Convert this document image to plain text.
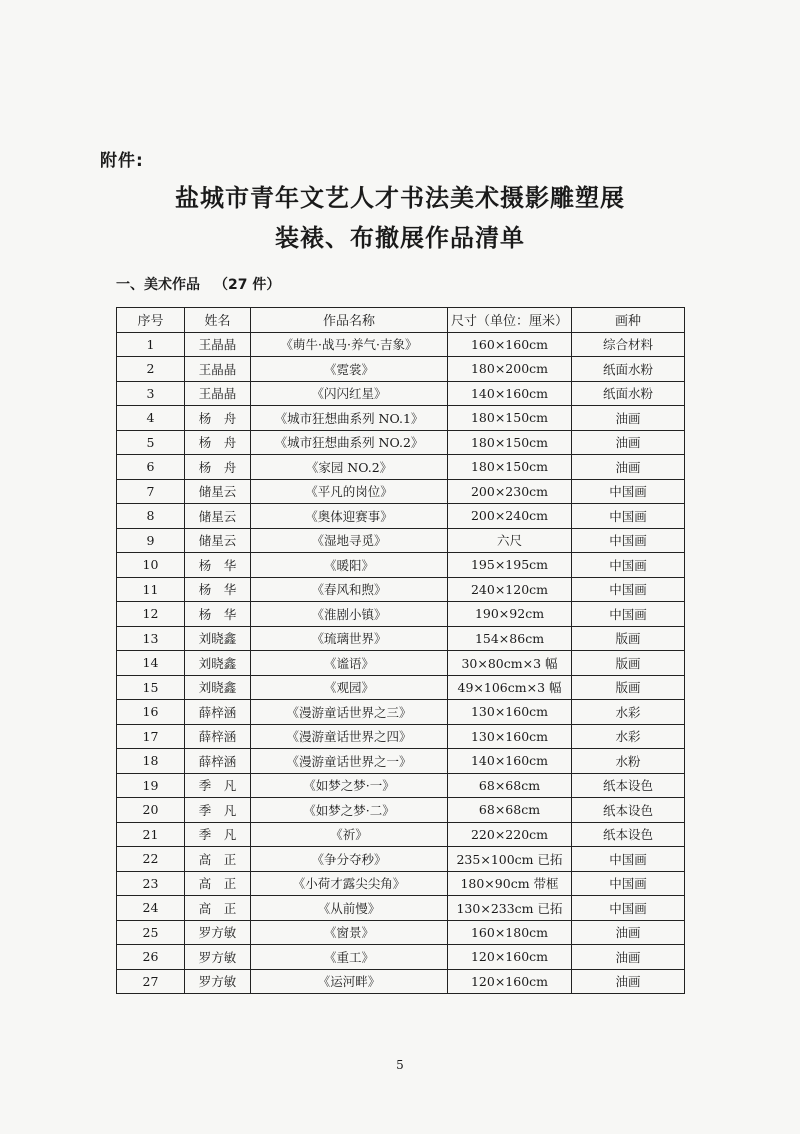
附件:
盐城市青年文艺人才书法美术摄影雕塑展
装裱、布撤展作品清单
一、美术作品 （27 件）
序号	姓名	作品名称	尺寸（单位：厘米）	画种
1	王晶晶	《萌牛·战马·养气·吉象》	160×160cm	综合材料
2	王晶晶	《霓裳》	180×200cm	纸面水粉
3	王晶晶	《闪闪红星》	140×160cm	纸面水粉
4	杨　舟	《城市狂想曲系列 NO.1》	180×150cm	油画
5	杨　舟	《城市狂想曲系列 NO.2》	180×150cm	油画
6	杨　舟	《家园 NO.2》	180×150cm	油画
7	储星云	《平凡的岗位》	200×230cm	中国画
8	储星云	《奥体迎赛事》	200×240cm	中国画
9	储星云	《湿地寻觅》	六尺	中国画
10	杨　华	《暖阳》	195×195cm	中国画
11	杨　华	《春风和煦》	240×120cm	中国画
12	杨　华	《淮剧小镇》	190×92cm	中国画
13	刘晓鑫	《琉璃世界》	154×86cm	版画
14	刘晓鑫	《谧语》	30×80cm×3 幅	版画
15	刘晓鑫	《观园》	49×106cm×3 幅	版画
16	薛梓涵	《漫游童话世界之三》	130×160cm	水彩
17	薛梓涵	《漫游童话世界之四》	130×160cm	水彩
18	薛梓涵	《漫游童话世界之一》	140×160cm	水粉
19	季　凡	《如梦之梦·一》	68×68cm	纸本设色
20	季　凡	《如梦之梦·二》	68×68cm	纸本设色
21	季　凡	《祈》	220×220cm	纸本设色
22	高　正	《争分夺秒》	235×100cm 已拓	中国画
23	高　正	《小荷才露尖尖角》	180×90cm 带框	中国画
24	高　正	《从前慢》	130×233cm 已拓	中国画
25	罗方敏	《窗景》	160×180cm	油画
26	罗方敏	《重工》	120×160cm	油画
27	罗方敏	《运河畔》	120×160cm	油画
5
